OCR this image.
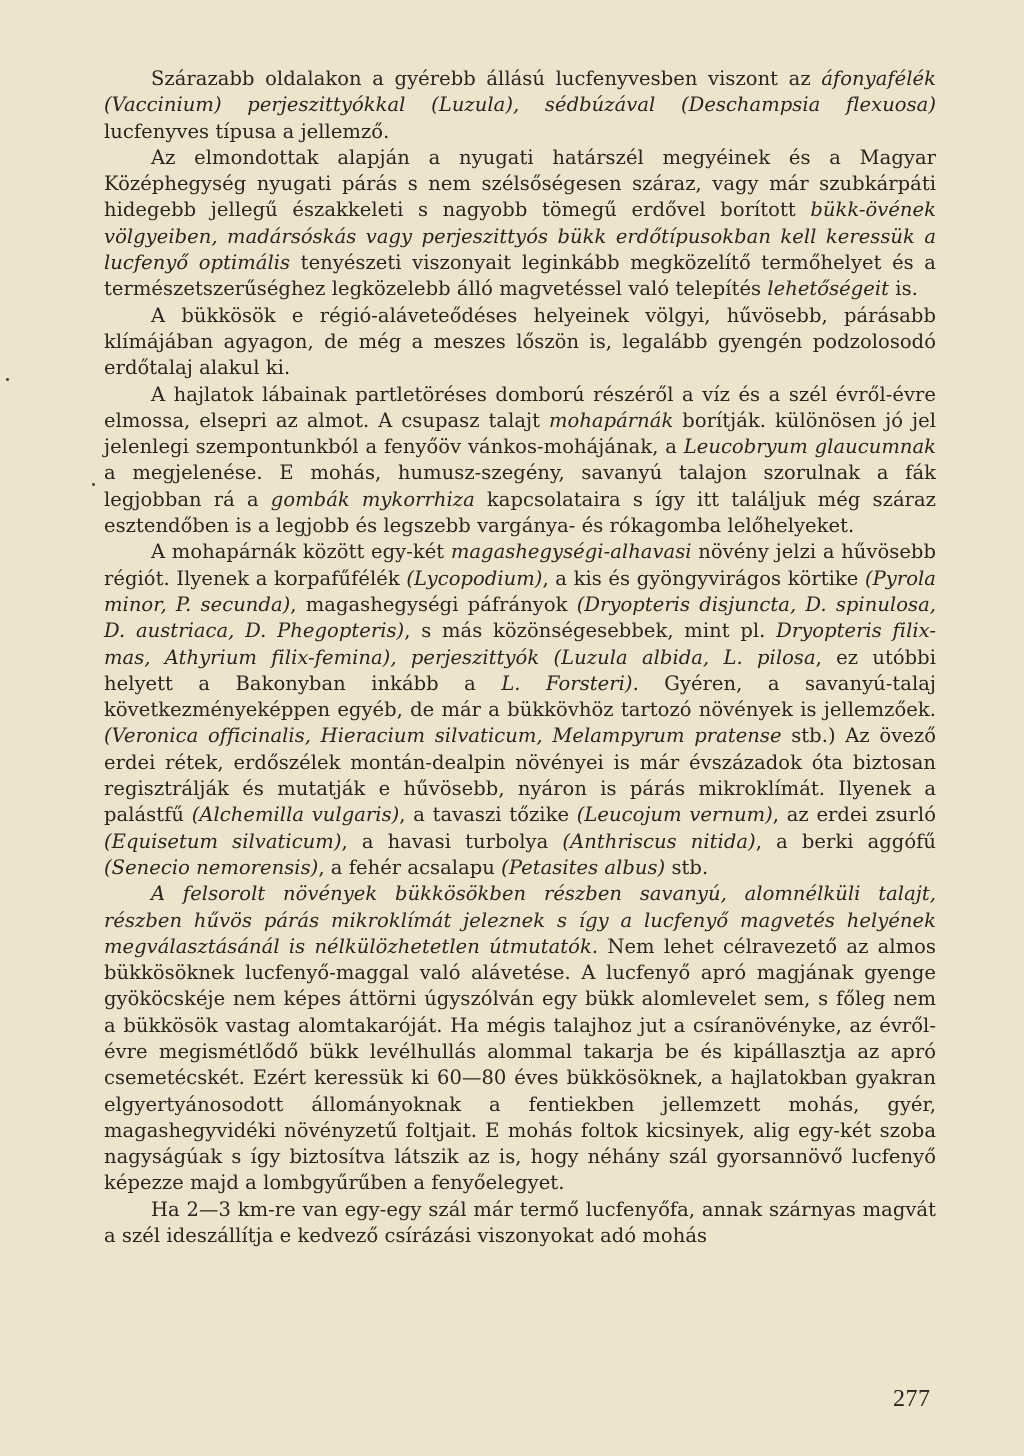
Szárazabb oldalakon a gyérebb állású lucfenyvesben viszont az áfonyafélék (Vaccinium) perjeszittyókkal (Luzula), sédbúzával (Deschampsia flexuosa) lucfenyves típusa a jellemző.

Az elmondottak alapján a nyugati határszél megyéinek és a Magyar Középhegység nyugati párás s nem szélsőségesen száraz, vagy már szubkárpáti hidegebb jellegű északkeleti s nagyobb tömegű erdővel borított bükk-övének völgyeiben, madársóskás vagy perjeszittyós bükk erdőtípusokban kell keressük a lucfenyő optimális tenyészeti viszonyait leginkább megközelítő termőhelyet és a természetszerűséghez legközelebb álló magvetéssel való telepítés lehetőségeit is.

A bükkösök e régió-aláveteődéses helyeinek völgyi, hűvösebb, párásabb klímájában agyagon, de még a meszes lőszön is, legalább gyengén podzolosodó erdőtalaj alakul ki.

A hajlatok lábainak partletöréses domború részéről a víz és a szél évről-évre elmossa, elsepri az almot. A csupasz talajt mohapárnák borítják. különösen jó jel jelenlegi szempontunkból a fenyőöv vánkos-mohájának, a Leucobryum glaucumnak a megjelenése. E mohás, humusz-szegény, savanyú talajon szorulnak a fák legjobban rá a gombák mykorrhiza kapcsolataira s így itt találjuk még száraz esztendőben is a legjobb és legszebb vargánya- és rókagomba lelőhelyeket.

A mohapárnák között egy-két magashegységi-alhavasi növény jelzi a hűvösebb régiót. Ilyenek a korpafűfélék (Lycopodium), a kis és gyöngyvirágos körtike (Pyrola minor, P. secunda), magashegységi páfrányok (Dryopteris disjuncta, D. spinulosa, D. austriaca, D. Phegopteris), s más közönségesebbek, mint pl. Dryopteris filix-mas, Athyrium filix-femina), perjeszittyók (Luzula albida, L. pilosa, ez utóbbi helyett a Bakonyban inkább a L. Forsteri). Gyéren, a savanyú-talaj következményeképpen egyéb, de már a bükkövhöz tartozó növények is jellemzőek. (Veronica officinalis, Hieracium silvaticum, Melampyrum pratense stb.) Az övező erdei rétek, erdőszélek montán-dealpin növényei is már évszázadok óta biztosan regisztrálják és mutatják e hűvösebb, nyáron is párás mikroklímát. Ilyenek a palástfű (Alchemilla vulgaris), a tavaszi tőzike (Leucojum vernum), az erdei zsurló (Equisetum silvaticum), a havasi turbolya (Anthriscus nitida), a berki aggófű (Senecio nemorensis), a fehér acsalapu (Petasites albus) stb.

A felsorolt növények bükkösökben részben savanyú, alomnélküli talajt, részben hűvös párás mikroklímát jeleznek s így a lucfenyő magvetés helyének megválasztásánál is nélkülözhetetlen útmutatók. Nem lehet célravezető az almos bükkösöknek lucfenyő-maggal való alávetése. A lucfenyő apró magjának gyenge gyököcskéje nem képes áttörni úgyszólván egy bükk alomlevelet sem, s főleg nem a bükkösök vastag alomtakaróját. Ha mégis talajhoz jut a csíranövényke, az évről-évre megismétlődő bükk levélhullás alommal takarja be és kipállasztja az apró csemetécskét. Ezért keressük ki 60—80 éves bükkösöknek, a hajlatokban gyakran elgyertyánosodott állományoknak a fentiekben jellemzett mohás, gyér, magashegyvidéki növényzetű foltjait. E mohás foltok kicsinyek, alig egy-két szoba nagyságúak s így biztosítva látszik az is, hogy néhány szál gyorsannövő lucfenyő képezze majd a lombgyűrűben a fenyőelegyet.

Ha 2—3 km-re van egy-egy szál már termő lucfenyőfa, annak szárnyas magvát a szél ideszállítja e kedvező csírázási viszonyokat adó mohás

277
